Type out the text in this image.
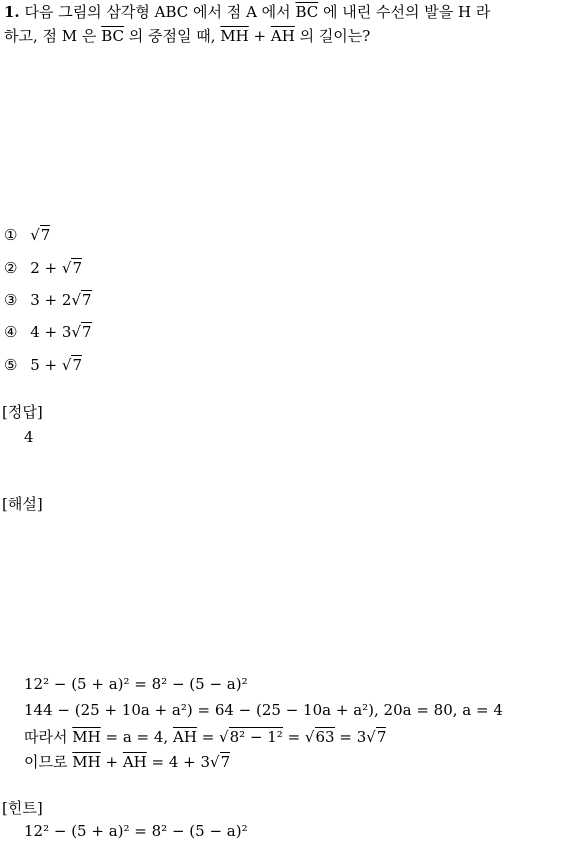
1. 다음 그림의 삼각형 ABC 에서 점 A 에서 $\overline{BC}$ 에 내린 수선의 발을 H 라
하고, 점 M 은 $\overline{BC}$ 의 중점일 때, $\overline{MH} + \overline{AH}$ 의 길이는?
① √7
② 2 + √7
③ 3 + 2√7
④ 4 + 3√7
⑤ 5 + √7
[정답]
4
[해설]
12² − (5 + a)² = 8² − (5 − a)²
144 − (25 + 10a + a²) = 64 − (25 − 10a + a²), 20a = 80, a = 4
따라서 $\overline{MH} = a = 4$, $\overline{AH} = √8^2 - 1^2 = √63 = 3√7$
이므로 $\overline{MH} + \overline{AH} = 4 + 3√7$
[힌트]
12² − (5 + a)² = 8² − (5 − a)²
